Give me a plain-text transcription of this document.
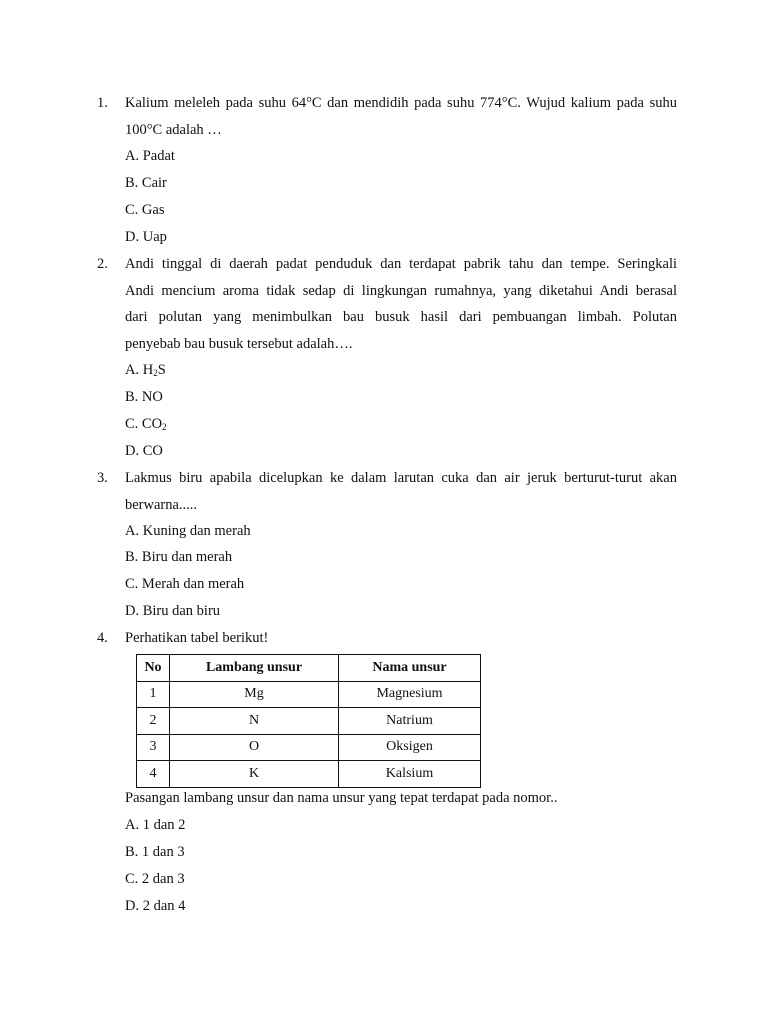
1. Kalium meleleh pada suhu 64°C dan mendidih pada suhu 774°C. Wujud kalium pada suhu
100°C adalah …
A. Padat
B. Cair
C. Gas
D. Uap
2. Andi tinggal di daerah padat penduduk dan terdapat pabrik tahu dan tempe. Seringkali
Andi mencium aroma tidak sedap di lingkungan rumahnya, yang diketahui Andi berasal
dari polutan yang menimbulkan bau busuk hasil dari pembuangan limbah. Polutan
penyebab bau busuk tersebut adalah….
A. $H_2S$
B. NO
C. $CO_2$
D. CO
3. Lakmus biru apabila dicelupkan ke dalam larutan cuka dan air jeruk berturut-turut akan
berwarna.....
A. Kuning dan merah
B. Biru dan merah
C. Merah dan merah
D. Biru dan biru
4. Perhatikan tabel berikut!
No	Lambang unsur	Nama unsur
1	Mg	Magnesium
2	N	Natrium
3	O	Oksigen
4	K	Kalsium
Pasangan lambang unsur dan nama unsur yang tepat terdapat pada nomor..
A. 1 dan 2
B. 1 dan 3
C. 2 dan 3
D. 2 dan 4
